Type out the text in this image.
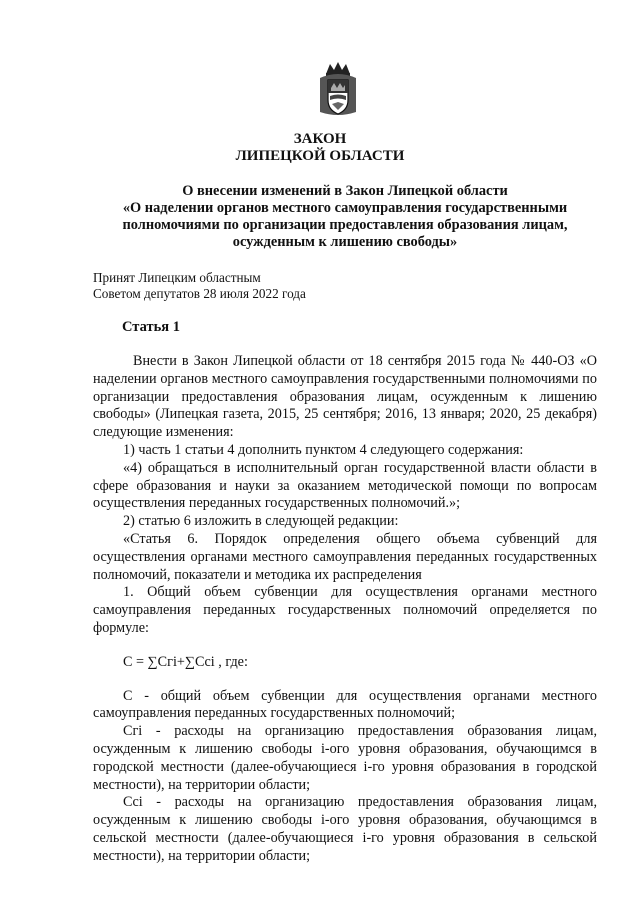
ЗАКОН
ЛИПЕЦКОЙ ОБЛАСТИ
О внесении изменений в Закон Липецкой области
«О наделении органов местного самоуправления государственными
полномочиями по организации предоставления образования лицам,
осужденным к лишению свободы»
Принят Липецким областным
Советом депутатов 28 июля 2022 года
Статья 1

Внести в Закон Липецкой области от 18 сентября 2015 года № 440-ОЗ «О наделении органов местного самоуправления государственными полномочиями по организации предоставления образования лицам, осужденным к лишению свободы» (Липецкая газета, 2015, 25 сентября; 2016, 13 января; 2020, 25 декабря) следующие изменения:

1) часть 1 статьи 4 дополнить пунктом 4 следующего содержания:

«4) обращаться в исполнительный орган государственной власти области в сфере образования и науки за оказанием методической помощи по вопросам осуществления переданных государственных полномочий.»;

2) статью 6 изложить в следующей редакции:

«Статья 6. Порядок определения общего объема субвенций для осуществления органами местного самоуправления переданных государственных полномочий, показатели и методика их распределения

1. Общий объем субвенции для осуществления органами местного самоуправления переданных государственных полномочий определяется по формуле:

C = ∑Cгi+∑Cсi , где:

C - общий объем субвенции для осуществления органами местного самоуправления переданных государственных полномочий;

Cгi - расходы на организацию предоставления образования лицам, осужденным к лишению свободы i-ого уровня образования, обучающимся в городской местности (далее-обучающиеся i-го уровня образования в городской местности), на территории области;

Cсi - расходы на организацию предоставления образования лицам, осужденным к лишению свободы i-ого уровня образования, обучающимся в сельской местности (далее-обучающиеся i-го уровня образования в сельской местности), на территории области;
